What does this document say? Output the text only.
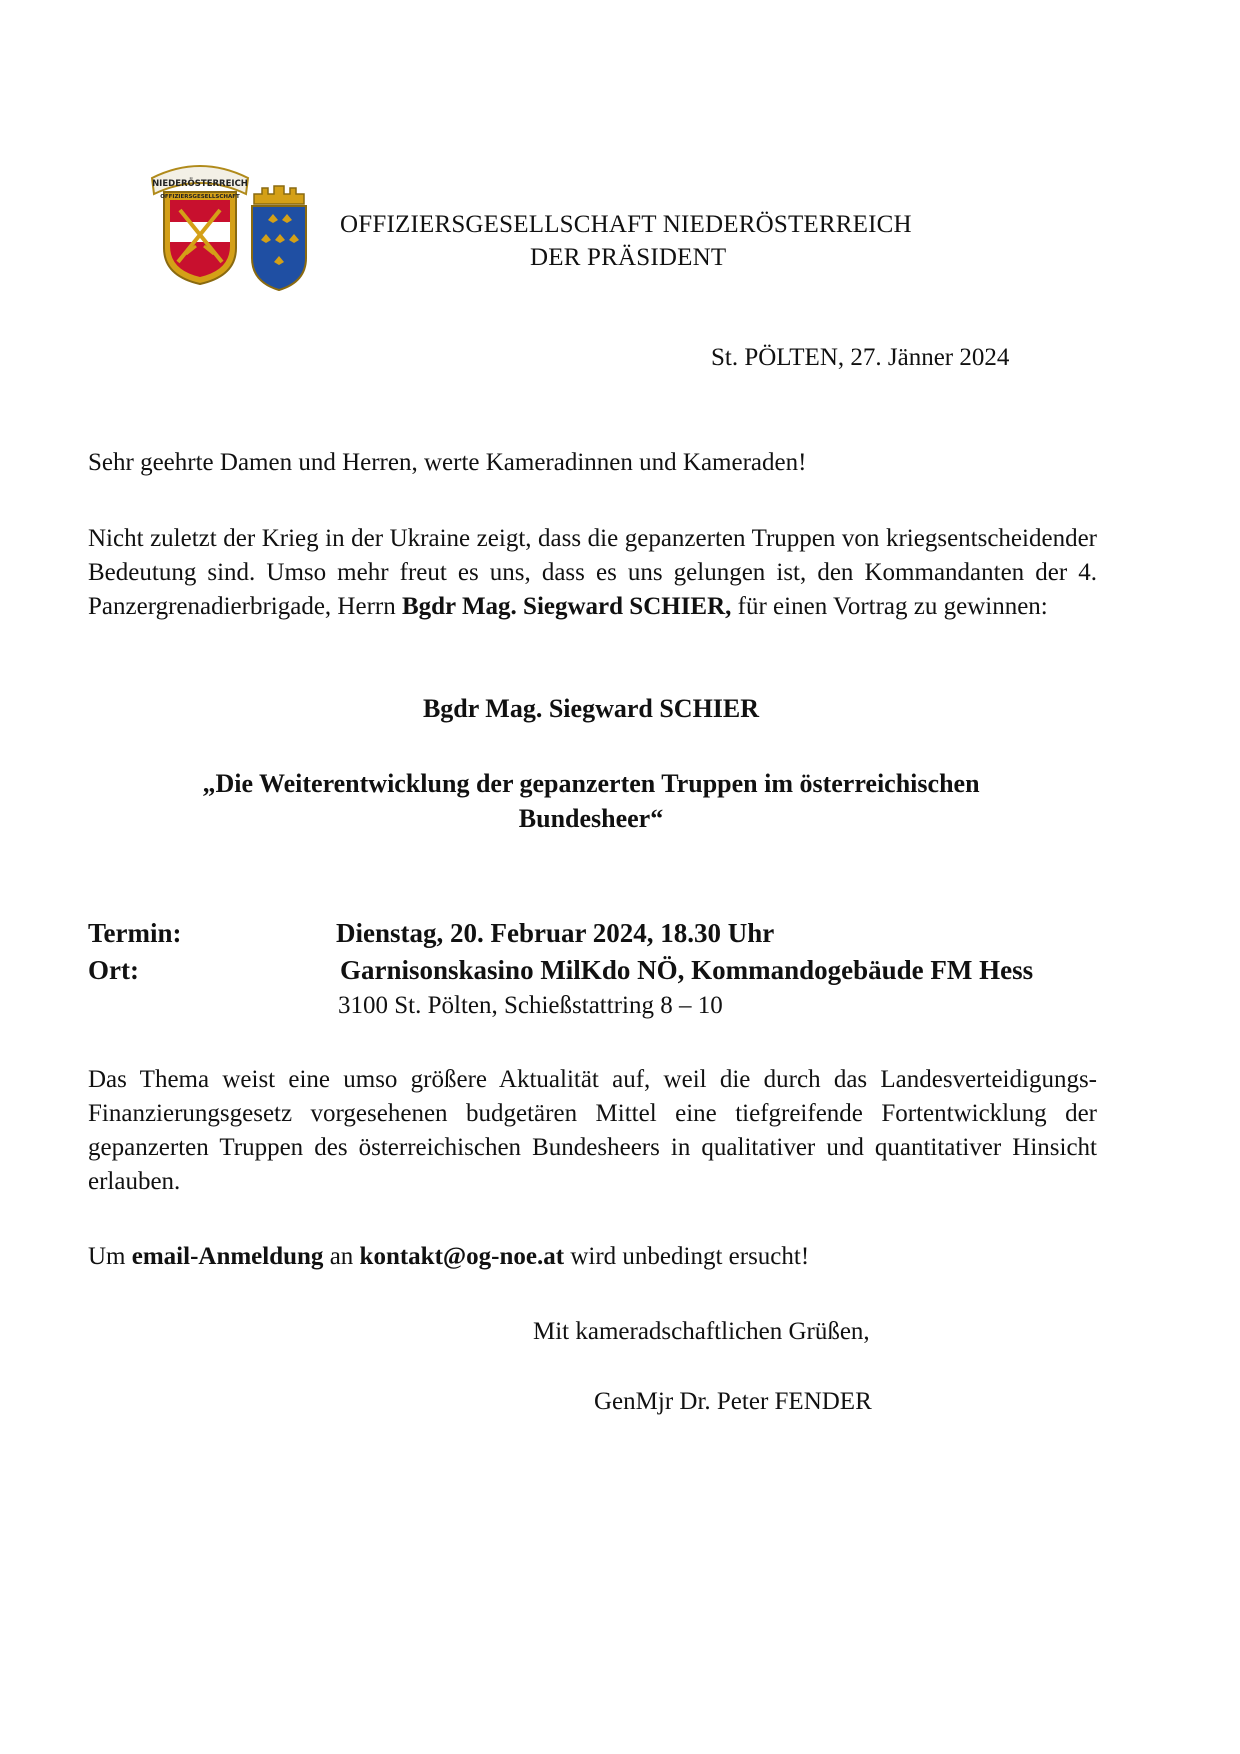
NIEDERÖSTERREICH
OFFIZIERSGESELLSCHAFT
OFFIZIERSGESELLSCHAFT NIEDERÖSTERREICH
DER PRÄSIDENT
St. PÖLTEN, 27. Jänner 2024
Sehr geehrte Damen und Herren, werte Kameradinnen und Kameraden!
Nicht zuletzt der Krieg in der Ukraine zeigt, dass die gepanzerten Truppen von kriegsentscheidender Bedeutung sind. Umso mehr freut es uns, dass es uns gelungen ist, den Kommandanten der 4. Panzergrenadierbrigade, Herrn Bgdr Mag. Siegward SCHIER, für einen Vortrag zu gewinnen:
Bgdr Mag. Siegward SCHIER
„Die Weiterentwicklung der gepanzerten Truppen im österreichischen
Bundesheer“
Termin:	Dienstag, 20. Februar 2024, 18.30 Uhr
Ort:	Garnisonskasino MilKdo NÖ, Kommandogebäude FM Hess
3100 St. Pölten, Schießstattring 8 – 10
Das Thema weist eine umso größere Aktualität auf, weil die durch das Landesverteidigungs-Finanzierungsgesetz vorgesehenen budgetären Mittel eine tiefgreifende Fortentwicklung der gepanzerten Truppen des österreichischen Bundesheers in qualitativer und quantitativer Hinsicht erlauben.
Um email-Anmeldung an kontakt@og-noe.at wird unbedingt ersucht!
Mit kameradschaftlichen Grüßen,
GenMjr Dr. Peter FENDER
